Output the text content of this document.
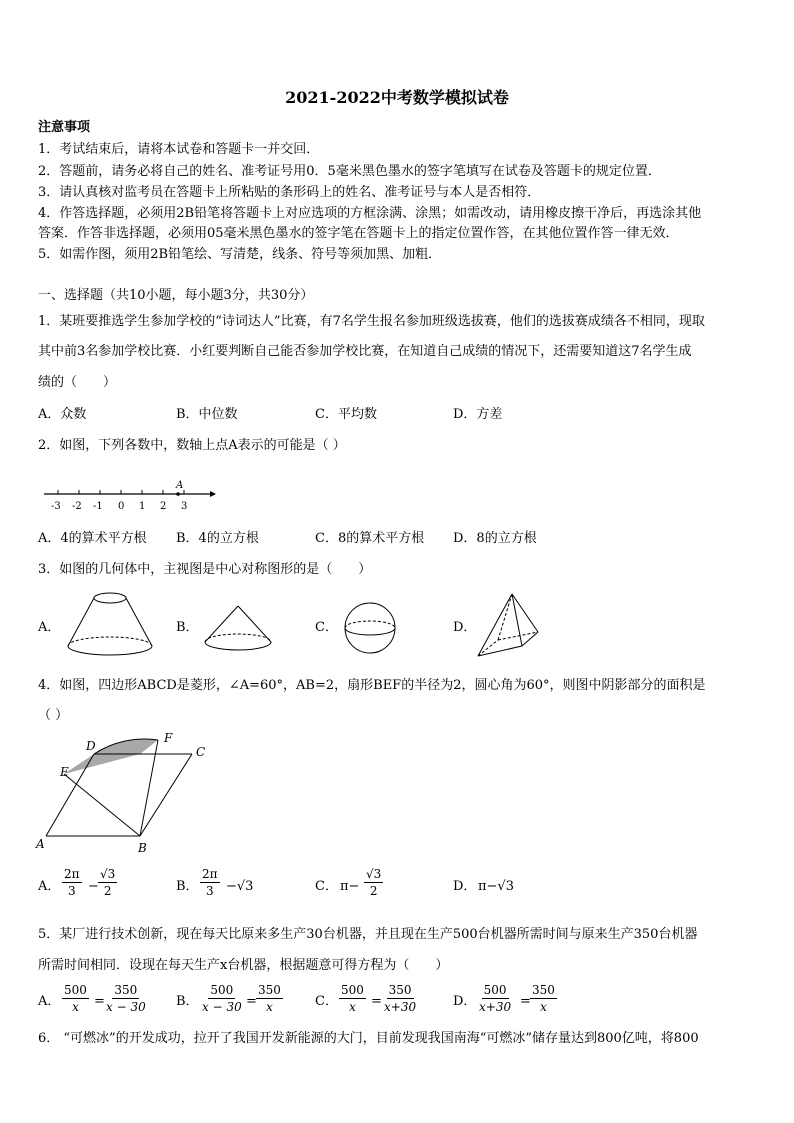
2021-2022中考数学模拟试卷
注意事项
1．考试结束后，请将本试卷和答题卡一并交回．
2．答题前，请务必将自己的姓名、准考证号用0．5毫米黑色墨水的签字笔填写在试卷及答题卡的规定位置．
3．请认真核对监考员在答题卡上所粘贴的条形码上的姓名、准考证号与本人是否相符．
4．作答选择题，必须用2B铅笔将答题卡上对应选项的方框涂满、涂黑；如需改动，请用橡皮擦干净后，再选涂其他
答案．作答非选择题，必须用05毫米黑色墨水的签字笔在答题卡上的指定位置作答，在其他位置作答一律无效．
5．如需作图，须用2B铅笔绘、写清楚，线条、符号等须加黑、加粗．
一、选择题（共10小题，每小题3分，共30分）
1．某班要推选学生参加学校的“诗词达人”比赛，有7名学生报名参加班级选拔赛，他们的选拔赛成绩各不相同，现取
其中前3名参加学校比赛．小红要判断自己能否参加学校比赛，在知道自己成绩的情况下，还需要知道这7名学生成
绩的（　　）
A．众数	B．中位数	C．平均数	D．方差
2．如图，下列各数中，数轴上点A表示的可能是（ ）
A
-3 -2 -1 0 1 2 3
A．4的算术平方根 B．4的立方根	C．8的算术平方根 D．8的立方根
3．如图的几何体中，主视图是中心对称图形的是（　　）
A．	B．	C．	D．
4．如图，四边形ABCD是菱形，∠A=60°，AB=2，扇形BEF的半径为2，圆心角为60°，则图中阴影部分的面积是
（ ）
D
F
C
E
A	B
A． $\frac{2\pi}{3} - \frac{√3}{2}$	B． $\frac{2\pi}{3} -√3$	C． $\pi- \frac{√3}{2}$	D． π−√3
5．某厂进行技术创新，现在每天比原来多生产30台机器，并且现在生产500台机器所需时间与原来生产350台机器
所需时间相同．设现在每天生产x台机器，根据题意可得方程为（　　）
A． $\frac{500}{x} = \frac{350}{x - 30}$ B． $\frac{500}{x - 30} = \frac{350}{x}$ C． $\frac{500}{x} = \frac{350}{x+30}$	D． $\frac{500}{x+30} = \frac{350}{x}$
6． “可燃冰”的开发成功，拉开了我国开发新能源的大门，目前发现我国南海“可燃冰”储存量达到800亿吨，将800
